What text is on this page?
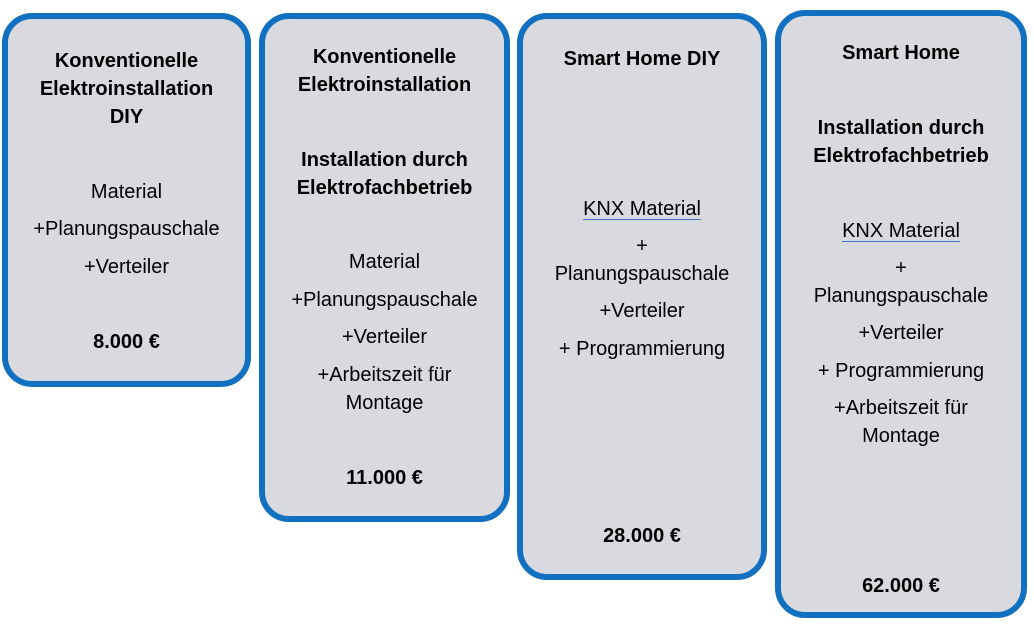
Konventionelle

Elektroinstallation

DIY

Material

+Planungspauschale

+Verteiler

8.000 €

Konventionelle

Elektroinstallation

Installation durch

Elektrofachbetrieb

Material

+Planungspauschale

+Verteiler

+Arbeitszeit für

Montage

11.000 €

Smart Home DIY

KNX Material

+

Planungspauschale

+Verteiler

+ Programmierung

28.000 €

Smart Home

Installation durch

Elektrofachbetrieb

KNX Material

+

Planungspauschale

+Verteiler

+ Programmierung

+Arbeitszeit für

Montage

62.000 €
